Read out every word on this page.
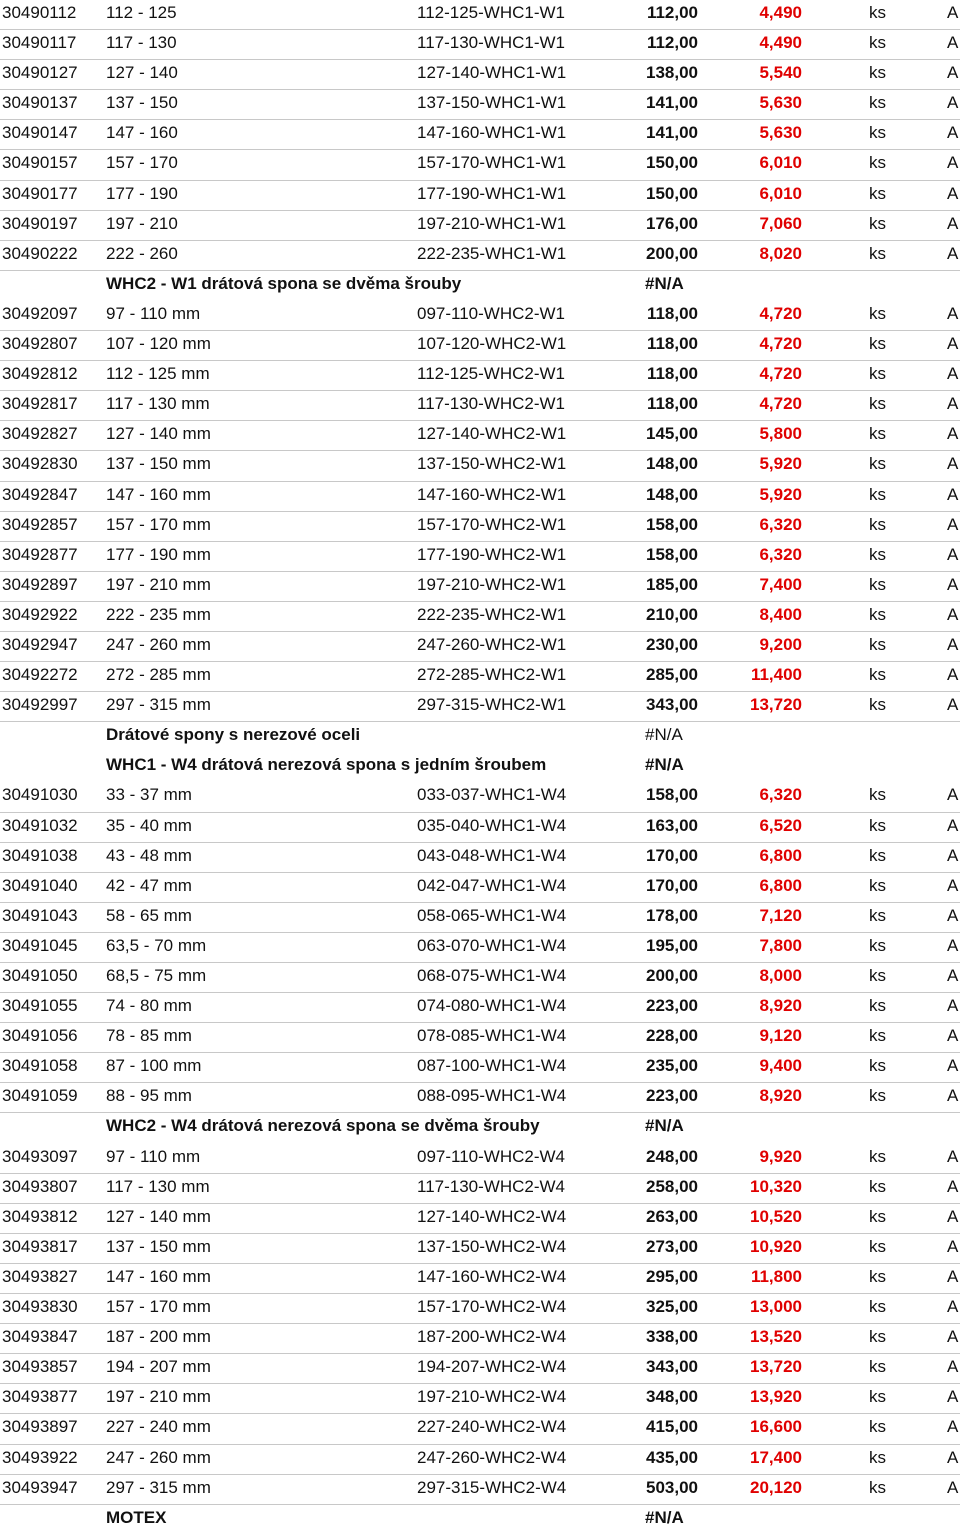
30490112 112 - 125	112-125-WHC1-W1	112,00	4,490	ks	A
30490117 117 - 130	117-130-WHC1-W1	112,00	4,490	ks	A
30490127 127 - 140	127-140-WHC1-W1	138,00	5,540	ks	A
30490137 137 - 150	137-150-WHC1-W1	141,00	5,630	ks	A
30490147 147 - 160	147-160-WHC1-W1	141,00	5,630	ks	A
30490157 157 - 170	157-170-WHC1-W1	150,00	6,010	ks	A
30490177 177 - 190	177-190-WHC1-W1	150,00	6,010	ks	A
30490197 197 - 210	197-210-WHC1-W1	176,00	7,060	ks	A
30490222 222 - 260	222-235-WHC1-W1	200,00	8,020	ks	A
WHC2 - W1 drátová spona se dvěma šrouby	#N/A
30492097 97 - 110 mm	097-110-WHC2-W1	118,00	4,720	ks	A
30492807 107 - 120 mm	107-120-WHC2-W1	118,00	4,720	ks	A
30492812 112 - 125 mm	112-125-WHC2-W1	118,00	4,720	ks	A
30492817 117 - 130 mm	117-130-WHC2-W1	118,00	4,720	ks	A
30492827 127 - 140 mm	127-140-WHC2-W1	145,00	5,800	ks	A
30492830 137 - 150 mm	137-150-WHC2-W1	148,00	5,920	ks	A
30492847 147 - 160 mm	147-160-WHC2-W1	148,00	5,920	ks	A
30492857 157 - 170 mm	157-170-WHC2-W1	158,00	6,320	ks	A
30492877 177 - 190 mm	177-190-WHC2-W1	158,00	6,320	ks	A
30492897 197 - 210 mm	197-210-WHC2-W1	185,00	7,400	ks	A
30492922 222 - 235 mm	222-235-WHC2-W1	210,00	8,400	ks	A
30492947 247 - 260 mm	247-260-WHC2-W1	230,00	9,200	ks	A
30492272 272 - 285 mm	272-285-WHC2-W1	285,00	11,400	ks	A
30492997 297 - 315 mm	297-315-WHC2-W1	343,00	13,720	ks	A
Drátové spony s nerezové oceli	#N/A
WHC1 - W4 drátová nerezová spona s jedním šroubem	#N/A
30491030 33 - 37 mm	033-037-WHC1-W4	158,00	6,320	ks	A
30491032 35 - 40 mm	035-040-WHC1-W4	163,00	6,520	ks	A
30491038 43 - 48 mm	043-048-WHC1-W4	170,00	6,800	ks	A
30491040 42 - 47 mm	042-047-WHC1-W4	170,00	6,800	ks	A
30491043 58 - 65 mm	058-065-WHC1-W4	178,00	7,120	ks	A
30491045 63,5 - 70 mm	063-070-WHC1-W4	195,00	7,800	ks	A
30491050 68,5 - 75 mm	068-075-WHC1-W4	200,00	8,000	ks	A
30491055 74 - 80 mm	074-080-WHC1-W4	223,00	8,920	ks	A
30491056 78 - 85 mm	078-085-WHC1-W4	228,00	9,120	ks	A
30491058 87 - 100 mm	087-100-WHC1-W4	235,00	9,400	ks	A
30491059 88 - 95 mm	088-095-WHC1-W4	223,00	8,920	ks	A
WHC2 - W4 drátová nerezová spona se dvěma šrouby	#N/A
30493097 97 - 110 mm	097-110-WHC2-W4	248,00	9,920	ks	A
30493807 117 - 130 mm	117-130-WHC2-W4	258,00	10,320	ks	A
30493812 127 - 140 mm	127-140-WHC2-W4	263,00	10,520	ks	A
30493817 137 - 150 mm	137-150-WHC2-W4	273,00	10,920	ks	A
30493827 147 - 160 mm	147-160-WHC2-W4	295,00	11,800	ks	A
30493830 157 - 170 mm	157-170-WHC2-W4	325,00	13,000	ks	A
30493847 187 - 200 mm	187-200-WHC2-W4	338,00	13,520	ks	A
30493857 194 - 207 mm	194-207-WHC2-W4	343,00	13,720	ks	A
30493877 197 - 210 mm	197-210-WHC2-W4	348,00	13,920	ks	A
30493897 227 - 240 mm	227-240-WHC2-W4	415,00	16,600	ks	A
30493922 247 - 260 mm	247-260-WHC2-W4	435,00	17,400	ks	A
30493947 297 - 315 mm	297-315-WHC2-W4	503,00	20,120	ks	A
MOTEX	#N/A
